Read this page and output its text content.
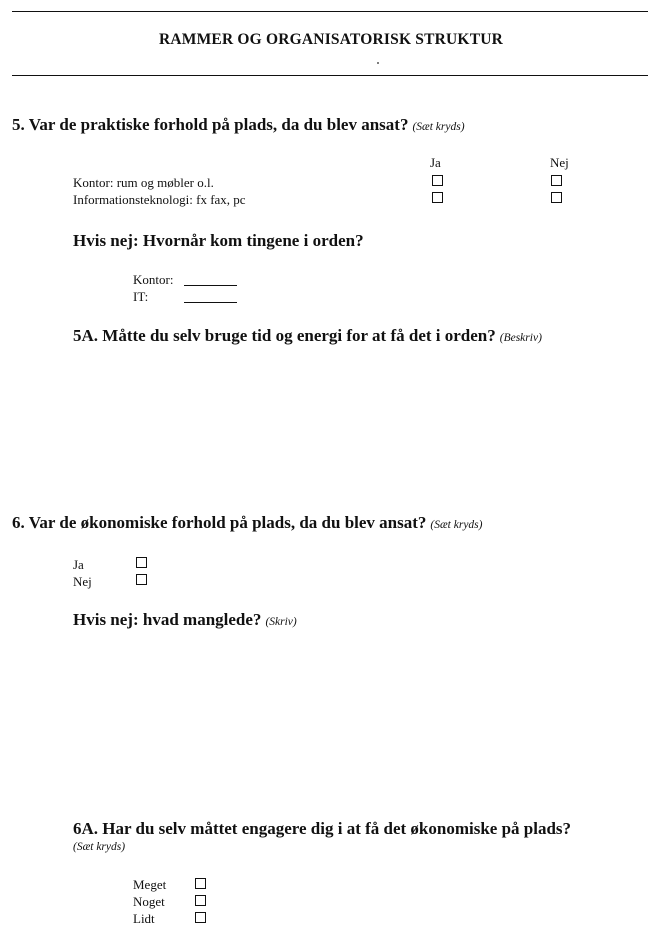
RAMMER OG ORGANISATORISK STRUKTUR
5. Var de praktiske forhold på plads, da du blev ansat? (Sæt kryds)
Ja	Nej
Kontor: rum og møbler o.l.
Informationsteknologi: fx fax, pc
Hvis nej: Hvornår kom tingene i orden?
Kontor:
IT:
5A. Måtte du selv bruge tid og energi for at få det i orden? (Beskriv)
6. Var de økonomiske forhold på plads, da du blev ansat? (Sæt kryds)
Ja
Nej
Hvis nej: hvad manglede? (Skriv)
6A. Har du selv måttet engagere dig i at få det økonomiske på plads?
(Sæt kryds)
Meget
Noget
Lidt
